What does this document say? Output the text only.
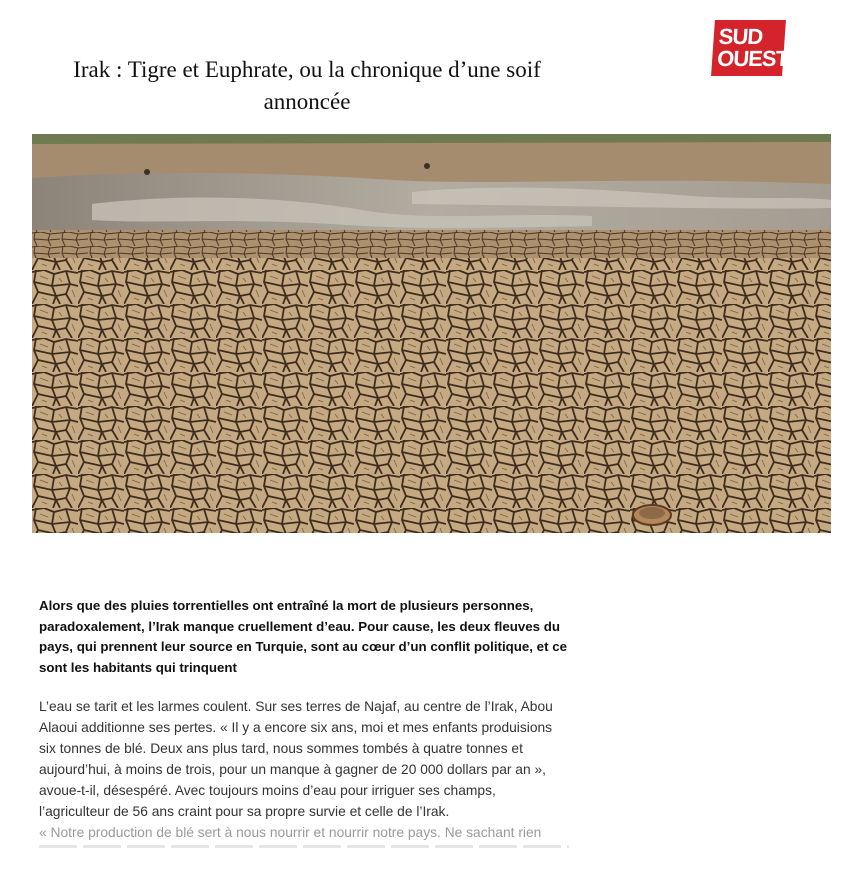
Irak : Tigre et Euphrate, ou la chronique d’une soif annoncée
SUD
OUEST

Alors que des pluies torrentielles ont entraîné la mort de plusieurs personnes, paradoxalement, l’Irak manque cruellement d’eau. Pour cause, les deux fleuves du pays, qui prennent leur source en Turquie, sont au cœur d’un conflit politique, et ce sont les habitants qui trinquent

L’eau se tarit et les larmes coulent. Sur ses terres de Najaf, au centre de l’Irak, Abou Alaoui additionne ses pertes. « Il y a encore six ans, moi et mes enfants produisions six tonnes de blé. Deux ans plus tard, nous sommes tombés à quatre tonnes et aujourd’hui, à moins de trois, pour un manque à gagner de 20 000 dollars par an », avoue-t-il, désespéré. Avec toujours moins d’eau pour irriguer ses champs, l’agriculteur de 56 ans craint pour sa propre survie et celle de l’Irak.

« Notre production de blé sert à nous nourrir et nourrir notre pays. Ne sachant rien
